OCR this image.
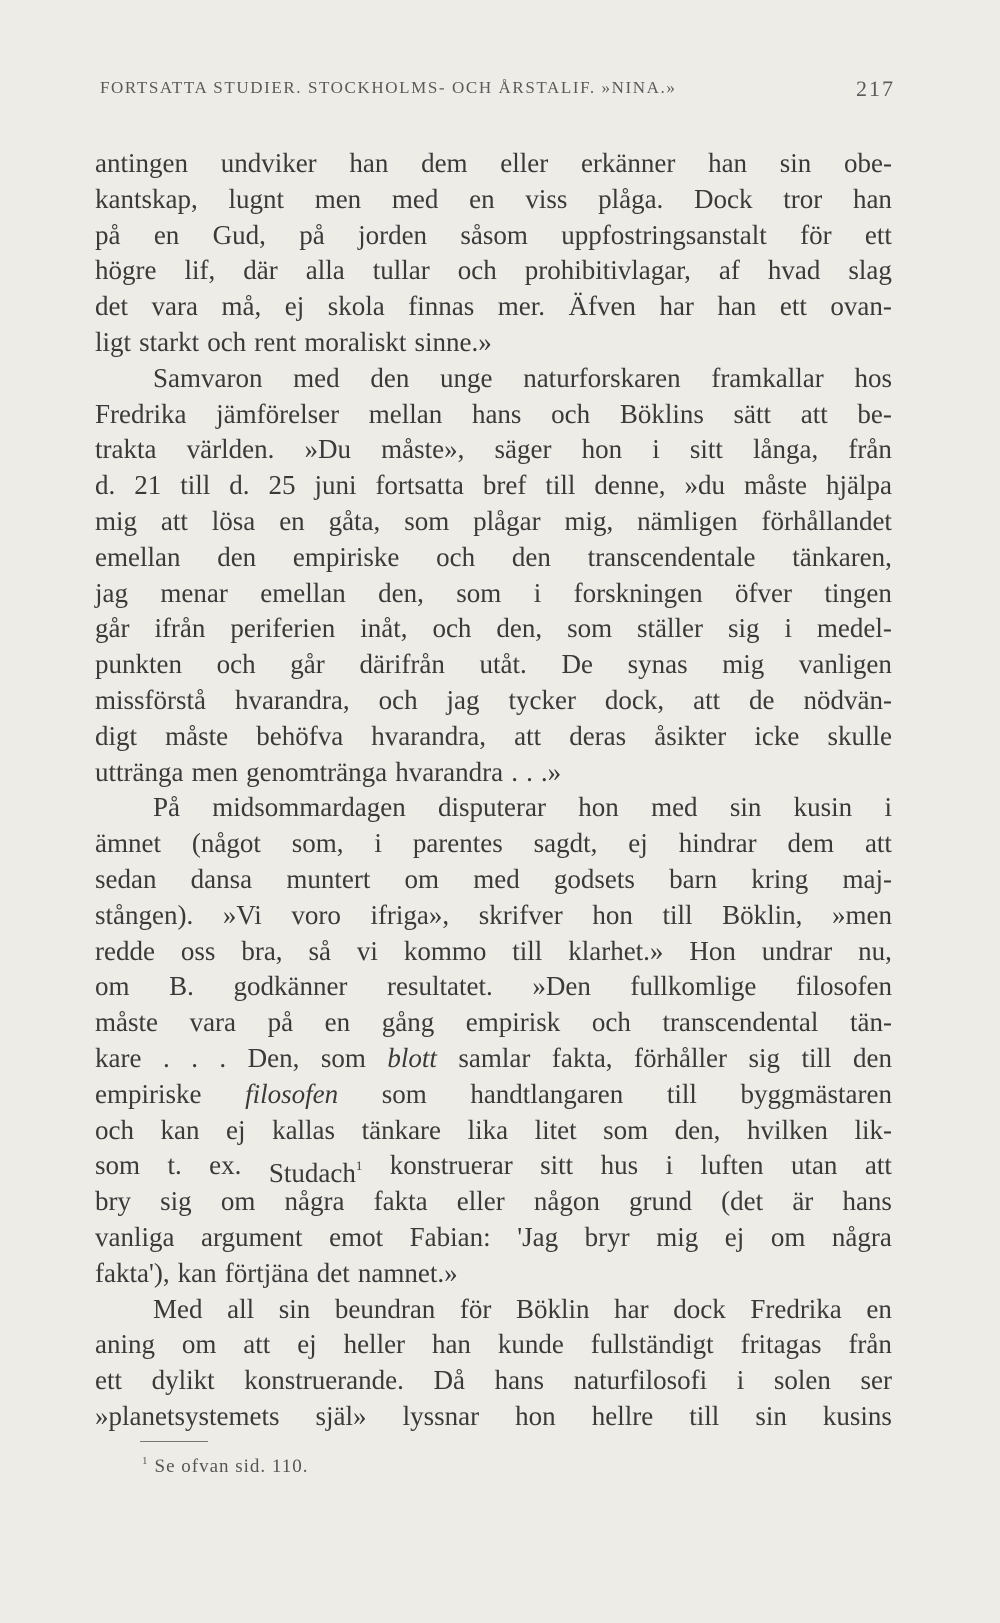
FORTSATTA STUDIER. STOCKHOLMS- OCH ÅRSTALIF. »NINA.»	217
antingen undviker han dem eller erkänner han sin obe-
kantskap, lugnt men med en viss plåga. Dock tror han
på en Gud, på jorden såsom uppfostringsanstalt för ett
högre lif, där alla tullar och prohibitivlagar, af hvad slag
det vara må, ej skola finnas mer. Äfven har han ett ovan-
ligt starkt och rent moraliskt sinne.»
Samvaron med den unge naturforskaren framkallar hos
Fredrika jämförelser mellan hans och Böklins sätt att be-
trakta världen. »Du måste», säger hon i sitt långa, från
d. 21 till d. 25 juni fortsatta bref till denne, »du måste hjälpa
mig att lösa en gåta, som plågar mig, nämligen förhållandet
emellan den empiriske och den transcendentale tänkaren,
jag menar emellan den, som i forskningen öfver tingen
går ifrån periferien inåt, och den, som ställer sig i medel-
punkten och går därifrån utåt. De synas mig vanligen
missförstå hvarandra, och jag tycker dock, att de nödvän-
digt måste behöfva hvarandra, att deras åsikter icke skulle
uttränga men genomtränga hvarandra . . .»
På midsommardagen disputerar hon med sin kusin i
ämnet (något som, i parentes sagdt, ej hindrar dem att
sedan dansa muntert om med godsets barn kring maj-
stången). »Vi voro ifriga», skrifver hon till Böklin, »men
redde oss bra, så vi kommo till klarhet.» Hon undrar nu,
om B. godkänner resultatet. »Den fullkomlige filosofen
måste vara på en gång empirisk och transcendental tän-
kare . . . Den, som blott samlar fakta, förhåller sig till den
empiriske filosofen som handtlangaren till byggmästaren
och kan ej kallas tänkare lika litet som den, hvilken lik-
som t. ex. Studach$^1$ konstruerar sitt hus i luften utan att
bry sig om några fakta eller någon grund (det är hans
vanliga argument emot Fabian: 'Jag bryr mig ej om några
fakta'), kan förtjäna det namnet.»
Med all sin beundran för Böklin har dock Fredrika en
aning om att ej heller han kunde fullständigt fritagas från
ett dylikt konstruerande. Då hans naturfilosofi i solen ser
»planetsystemets själ» lyssnar hon hellre till sin kusins
$^1$ Se ofvan sid. 110.
